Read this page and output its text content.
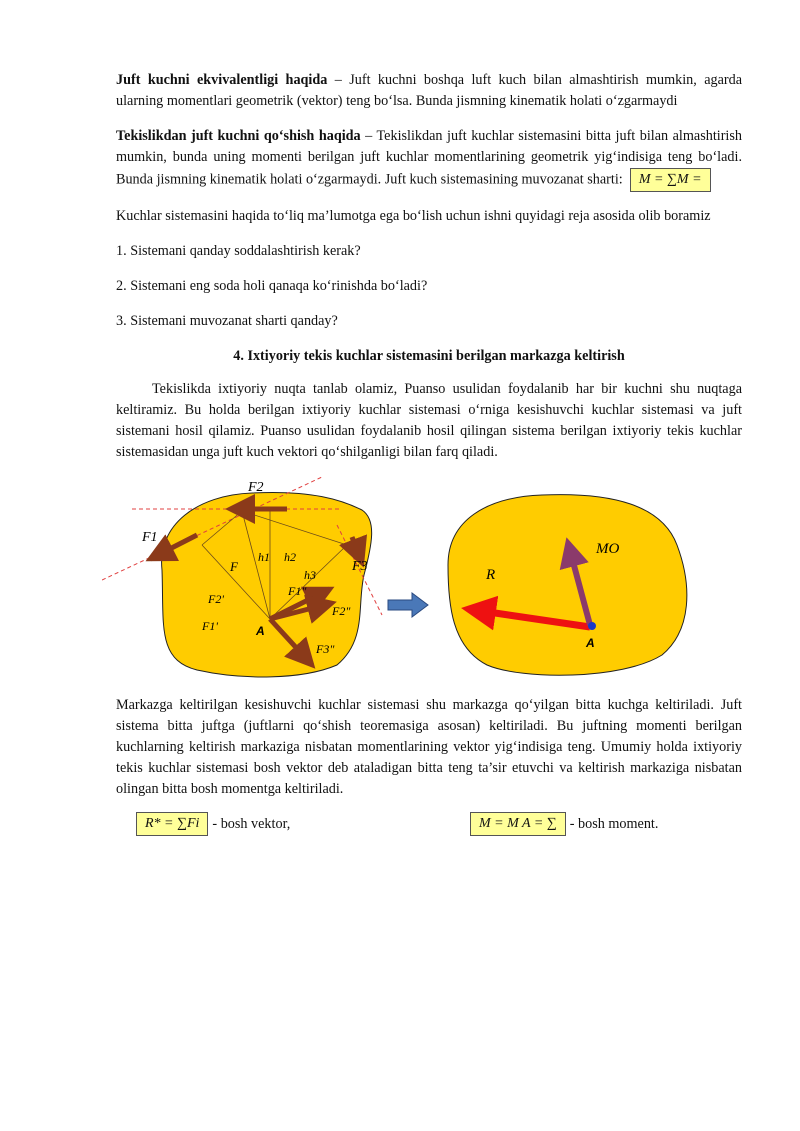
Juft kuchni ekvivalentligi haqida – Juft kuchni boshqa luft kuch bilan almashtirish mumkin, agarda ularning momentlari geometrik (vektor) teng bo‘lsa. Bunda jismning kinematik holati o‘zgarmaydi

Tekislikdan juft kuchni qo‘shish haqida – Tekislikdan juft kuchlar sistemasini bitta juft bilan almashtirish mumkin, bunda uning momenti berilgan juft kuchlar momentlarining geometrik yig‘indisiga teng bo‘ladi. Bunda jismning kinematik holati o‘zgarmaydi. Juft kuch sistemasining muvozanat sharti: M = ∑M =

Kuchlar sistemasini haqida to‘liq ma’lumotga ega bo‘lish uchun ishni quyidagi reja asosida olib boramiz

1. Sistemani qanday soddalashtirish kerak?

2. Sistemani eng soda holi qanaqa ko‘rinishda bo‘ladi?

3. Sistemani muvozanat sharti qanday?

4. Ixtiyoriy tekis kuchlar sistemasini berilgan markazga keltirish

Tekislikda ixtiyoriy nuqta tanlab olamiz, Puanso usulidan foydalanib har bir kuchni shu nuqtaga keltiramiz. Bu holda berilgan ixtiyoriy kuchlar sistemasi o‘rniga kesishuvchi kuchlar sistemasi va juft sistemani hosil qilamiz. Puanso usulidan foydalanib hosil qilingan sistema berilgan ixtiyoriy tekis kuchlar sistemasidan unga juft kuch vektori qo‘shilganligi bilan farq qiladi.

F2
F1
F3
F
h1 h2
h3
F2'
F1'
F1"
F2"
F3"
A
R
MO
A

Markazga keltirilgan kesishuvchi kuchlar sistemasi shu markazga qo‘yilgan bitta kuchga keltiriladi. Juft sistema bitta juftga (juftlarni qo‘shish teoremasiga asosan) keltiriladi. Bu juftning momenti berilgan kuchlarning keltirish markaziga nisbatan momentlarining vektor yig‘indisiga teng. Umumiy holda ixtiyoriy tekis kuchlar sistemasi bosh vektor deb ataladigan bitta teng ta’sir etuvchi va keltirish markaziga nisbatan olingan bitta bosh momentga keltiriladi.

R* = ∑Fi - bosh vektor,	M = M A = ∑ - bosh moment.
